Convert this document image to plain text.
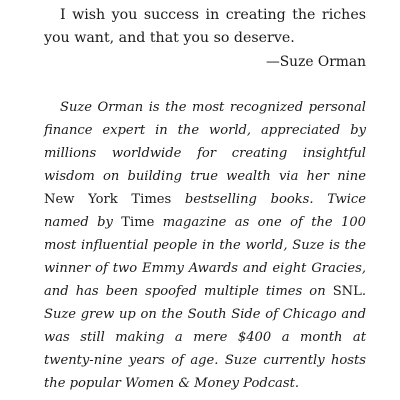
I wish you success in creating the riches you want, and that you so deserve.

—Suze Orman

Suze Orman is the most recognized personal finance expert in the world, appreciated by millions worldwide for creating insightful wisdom on building true wealth via her nine New York Times bestselling books. Twice named by Time magazine as one of the 100 most influential people in the world, Suze is the winner of two Emmy Awards and eight Gracies, and has been spoofed multiple times on SNL. Suze grew up on the South Side of Chicago and was still making a mere $400 a month at twenty-nine years of age. Suze currently hosts the popular Women & Money Podcast.
